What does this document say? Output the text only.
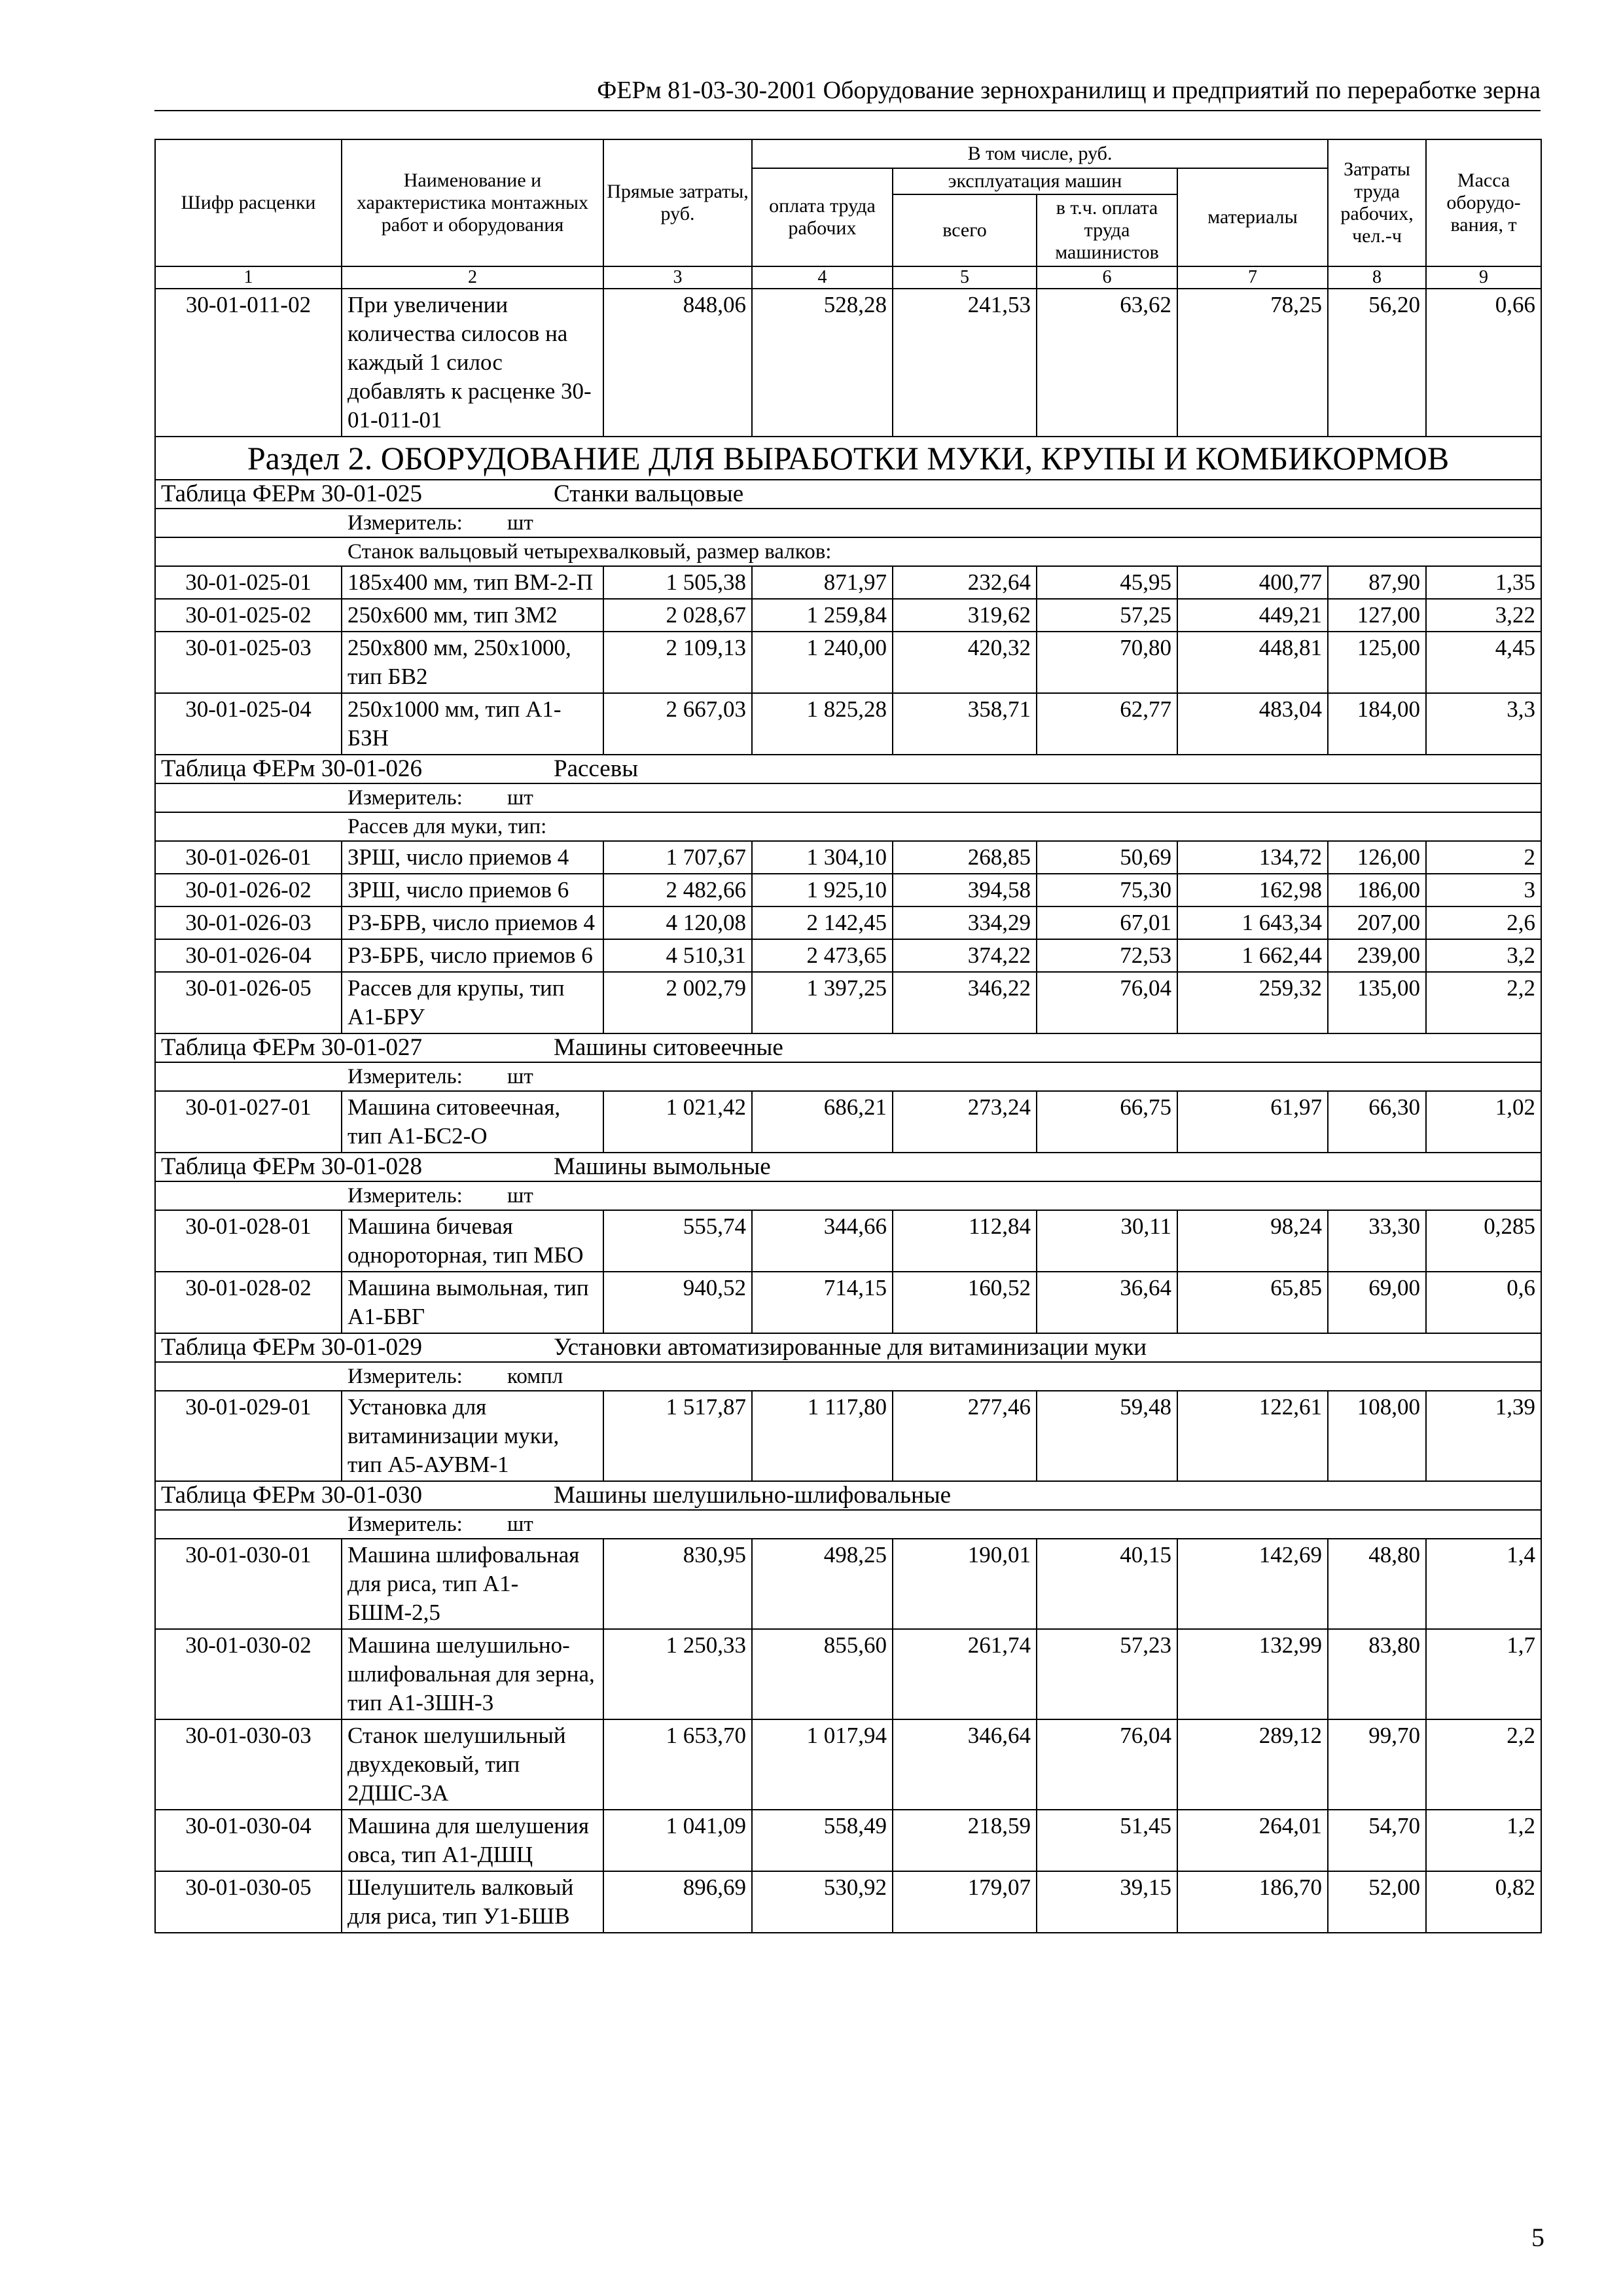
ФЕРм 81-03-30-2001 Оборудование зернохранилищ и предприятий по переработке зерна
Шифр расценки	Наименование и характеристика монтажных работ и оборудования	Прямые затраты, руб.	В том числе, руб.				Затраты труда рабочих, чел.-ч	Масса оборудо-вания, т
			оплата труда рабочих	эксплуатация машин		материалы		
				всего	в т.ч. оплата труда машинистов			
1	2	3	4	5	6	7	8	9
30-01-011-02	При увеличении количества силосов на каждый 1 силос добавлять к расценке 30-01-011-01	848,06	528,28	241,53	63,62	78,25	56,20	0,66
Раздел 2. ОБОРУДОВАНИЕ ДЛЯ ВЫРАБОТКИ МУКИ, КРУПЫ И КОМБИКОРМОВ								
Таблица ФЕРм 30-01-025 Станки вальцовые								
Измеритель: шт								
Станок вальцовый четырехвалковый, размер валков:								
30-01-025-01	185x400 мм, тип ВМ-2-П	1 505,38	871,97	232,64	45,95	400,77	87,90	1,35
30-01-025-02	250x600 мм, тип ЗМ2	2 028,67	1 259,84	319,62	57,25	449,21	127,00	3,22
30-01-025-03	250x800 мм, 250x1000, тип БВ2	2 109,13	1 240,00	420,32	70,80	448,81	125,00	4,45
30-01-025-04	250x1000 мм, тип А1-БЗН	2 667,03	1 825,28	358,71	62,77	483,04	184,00	3,3
Таблица ФЕРм 30-01-026 Рассевы								
Измеритель: шт								
Рассев для муки, тип:								
30-01-026-01	ЗРШ, число приемов 4	1 707,67	1 304,10	268,85	50,69	134,72	126,00	2
30-01-026-02	ЗРШ, число приемов 6	2 482,66	1 925,10	394,58	75,30	162,98	186,00	3
30-01-026-03	РЗ-БРВ, число приемов 4	4 120,08	2 142,45	334,29	67,01	1 643,34	207,00	2,6
30-01-026-04	РЗ-БРБ, число приемов 6	4 510,31	2 473,65	374,22	72,53	1 662,44	239,00	3,2
30-01-026-05	Рассев для крупы, тип А1-БРУ	2 002,79	1 397,25	346,22	76,04	259,32	135,00	2,2
Таблица ФЕРм 30-01-027 Машины ситовеечные								
Измеритель: шт								
30-01-027-01	Машина ситовеечная, тип А1-БС2-О	1 021,42	686,21	273,24	66,75	61,97	66,30	1,02
Таблица ФЕРм 30-01-028 Машины вымольные								
Измеритель: шт								
30-01-028-01	Машина бичевая однороторная, тип МБО	555,74	344,66	112,84	30,11	98,24	33,30	0,285
30-01-028-02	Машина вымольная, тип А1-БВГ	940,52	714,15	160,52	36,64	65,85	69,00	0,6
Таблица ФЕРм 30-01-029 Установки автоматизированные для витаминизации муки								
Измеритель: компл								
30-01-029-01	Установка для витаминизации муки, тип А5-АУВМ-1	1 517,87	1 117,80	277,46	59,48	122,61	108,00	1,39
Таблица ФЕРм 30-01-030 Машины шелушильно-шлифовальные								
Измеритель: шт								
30-01-030-01	Машина шлифовальная для риса, тип А1-БШМ-2,5	830,95	498,25	190,01	40,15	142,69	48,80	1,4
30-01-030-02	Машина шелушильно-шлифовальная для зерна, тип А1-ЗШН-3	1 250,33	855,60	261,74	57,23	132,99	83,80	1,7
30-01-030-03	Станок шелушильный двухдековый, тип 2ДШС-3А	1 653,70	1 017,94	346,64	76,04	289,12	99,70	2,2
30-01-030-04	Машина для шелушения овса, тип А1-ДШЦ	1 041,09	558,49	218,59	51,45	264,01	54,70	1,2
30-01-030-05	Шелушитель валковый для риса, тип У1-БШВ	896,69	530,92	179,07	39,15	186,70	52,00	0,82
5
